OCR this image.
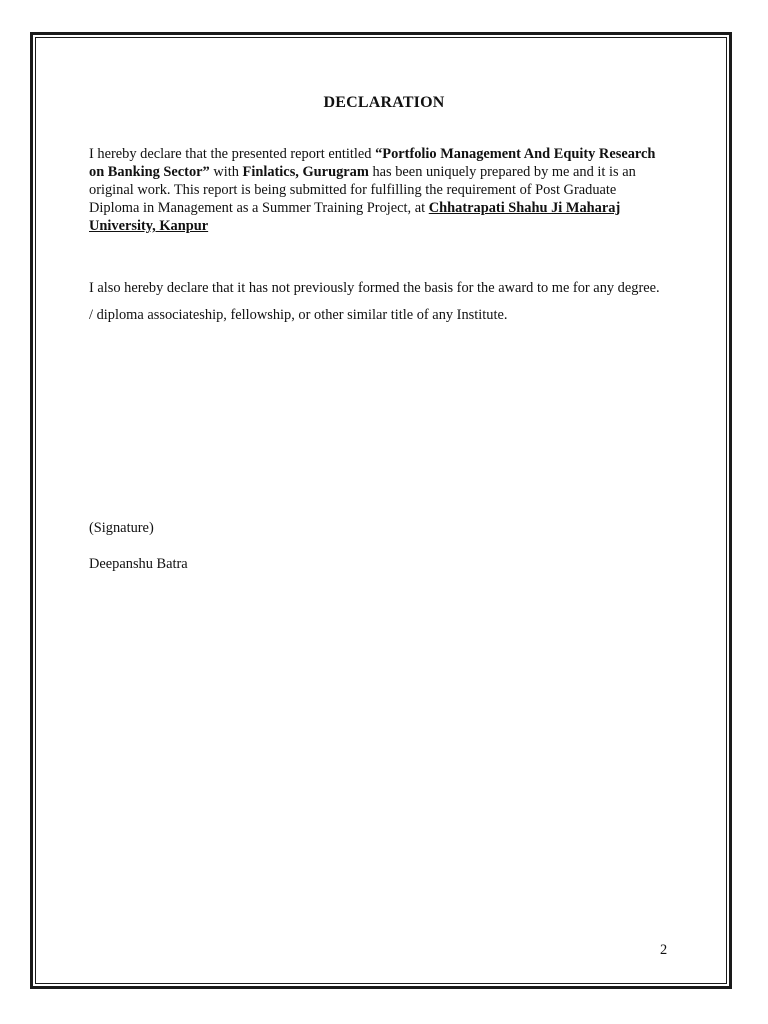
DECLARATION

I hereby declare that the presented report entitled “Portfolio Management And Equity Research on Banking Sector” with Finlatics, Gurugram has been uniquely prepared by me and it is an original work. This report is being submitted for fulfilling the requirement of Post Graduate Diploma in Management as a Summer Training Project, at Chhatrapati Shahu Ji Maharaj University, Kanpur

I also hereby declare that it has not previously formed the basis for the award to me for any degree.

/ diploma associateship, fellowship, or other similar title of any Institute.

(Signature)

Deepanshu Batra

2
